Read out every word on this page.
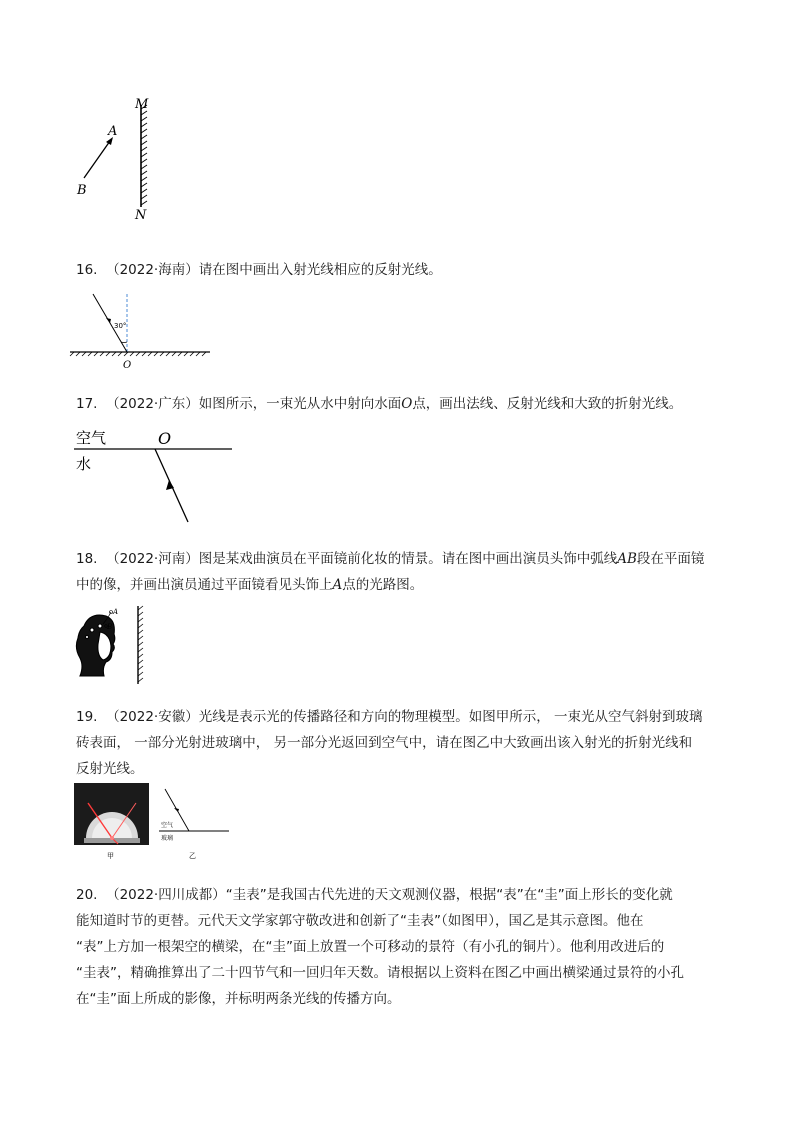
M
N
A
B
16. （2022·海南）请在图中画出入射光线相应的反射光线。
30°
O
17. （2022·广东）如图所示，一束光从水中射向水面O点，画出法线、反射光线和大致的折射光线。
空气
水
O
18. （2022·河南）图是某戏曲演员在平面镜前化妆的情景。请在图中画出演员头饰中弧线AB段在平面镜
中的像，并画出演员通过平面镜看见头饰上A点的光路图。
A
B
19. （2022·安徽）光线是表示光的传播路径和方向的物理模型。如图甲所示， 一束光从空气斜射到玻璃
砖表面， 一部分光射进玻璃中， 另一部分光返回到空气中，请在图乙中大致画出该入射光的折射光线和
反射光线。
甲
空气
玻璃
乙
20. （2022·四川成都）“圭表”是我国古代先进的天文观测仪器，根据“表”在“圭”面上形长的变化就
能知道时节的更替。元代天文学家郭守敬改进和创新了“圭表”（如图甲），国乙是其示意图。他在
“表”上方加一根架空的横梁，在“圭”面上放置一个可移动的景符（有小孔的铜片）。他利用改进后的
“圭表”，精确推算出了二十四节气和一回归年天数。请根据以上资料在图乙中画出横梁通过景符的小孔
在“圭”面上所成的影像，并标明两条光线的传播方向。
